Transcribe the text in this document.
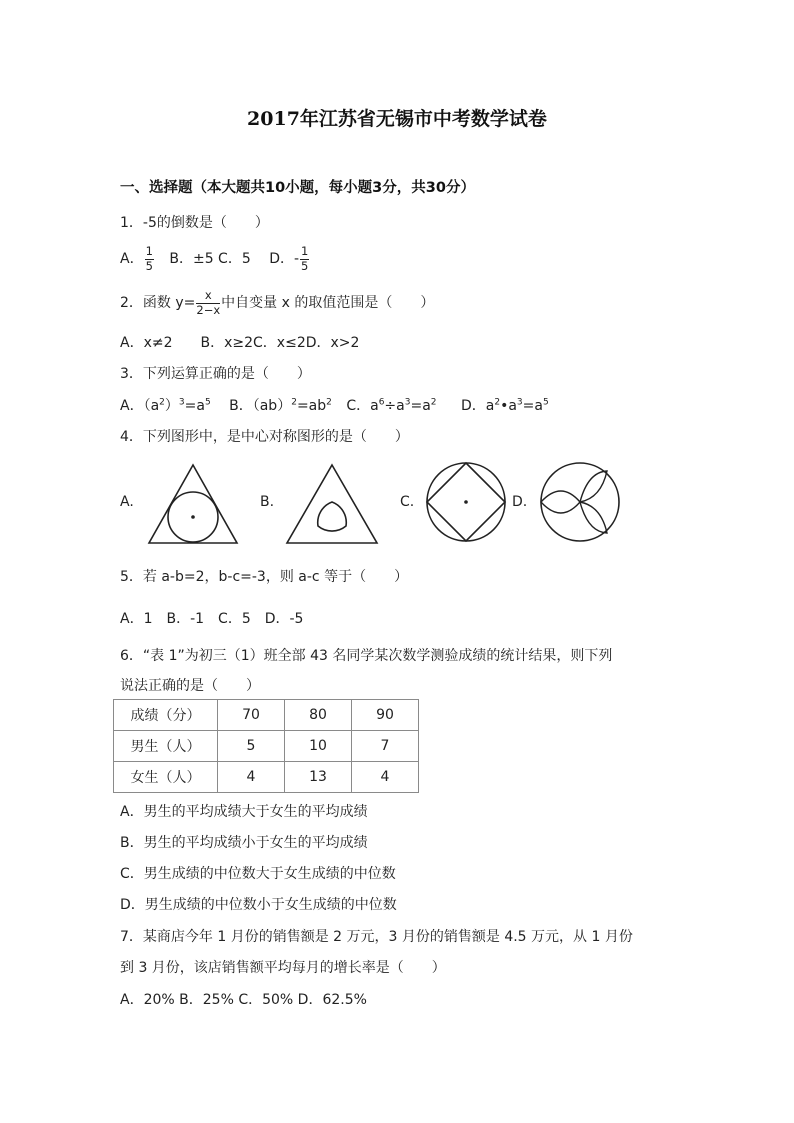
2017年江苏省无锡市中考数学试卷
一、选择题（本大题共10小题，每小题3分，共30分）
1．-5的倒数是（　　）
A． $\frac{1}{5}$ B．±5 C．5 D．- $\frac{1}{5}$
2．函数 $y= \frac{x}{2-x}$ 中自变量 x 的取值范围是（　　）
A．x≠2　　B．x≥2C．x≤2D．x>2
3．下列运算正确的是（　　）
A．$(a^2)^3=a^5$ B．$(ab)^2=ab^2$ C．$a^6\div a^3=a^2$ D．$a^2•a^3=a^5$
4．下列图形中，是中心对称图形的是（　　）
A.	B.	C.	D.
5．若 a-b=2，b-c=-3，则 a-c 等于（　　）
A．1　B．-1　C．5　D．-5
6．“表 1”为初三（1）班全部 43 名同学某次数学测验成绩的统计结果，则下列
说法正确的是（　　）
成绩（分）	70	80	90
男生（人）	5	10	7
女生（人）	4	13	4
A．男生的平均成绩大于女生的平均成绩
B．男生的平均成绩小于女生的平均成绩
C．男生成绩的中位数大于女生成绩的中位数
D．男生成绩的中位数小于女生成绩的中位数
7．某商店今年 1 月份的销售额是 2 万元，3 月份的销售额是 4.5 万元，从 1 月份
到 3 月份，该店销售额平均每月的增长率是（　　）
A．20% B．25% C．50% D．62.5%
